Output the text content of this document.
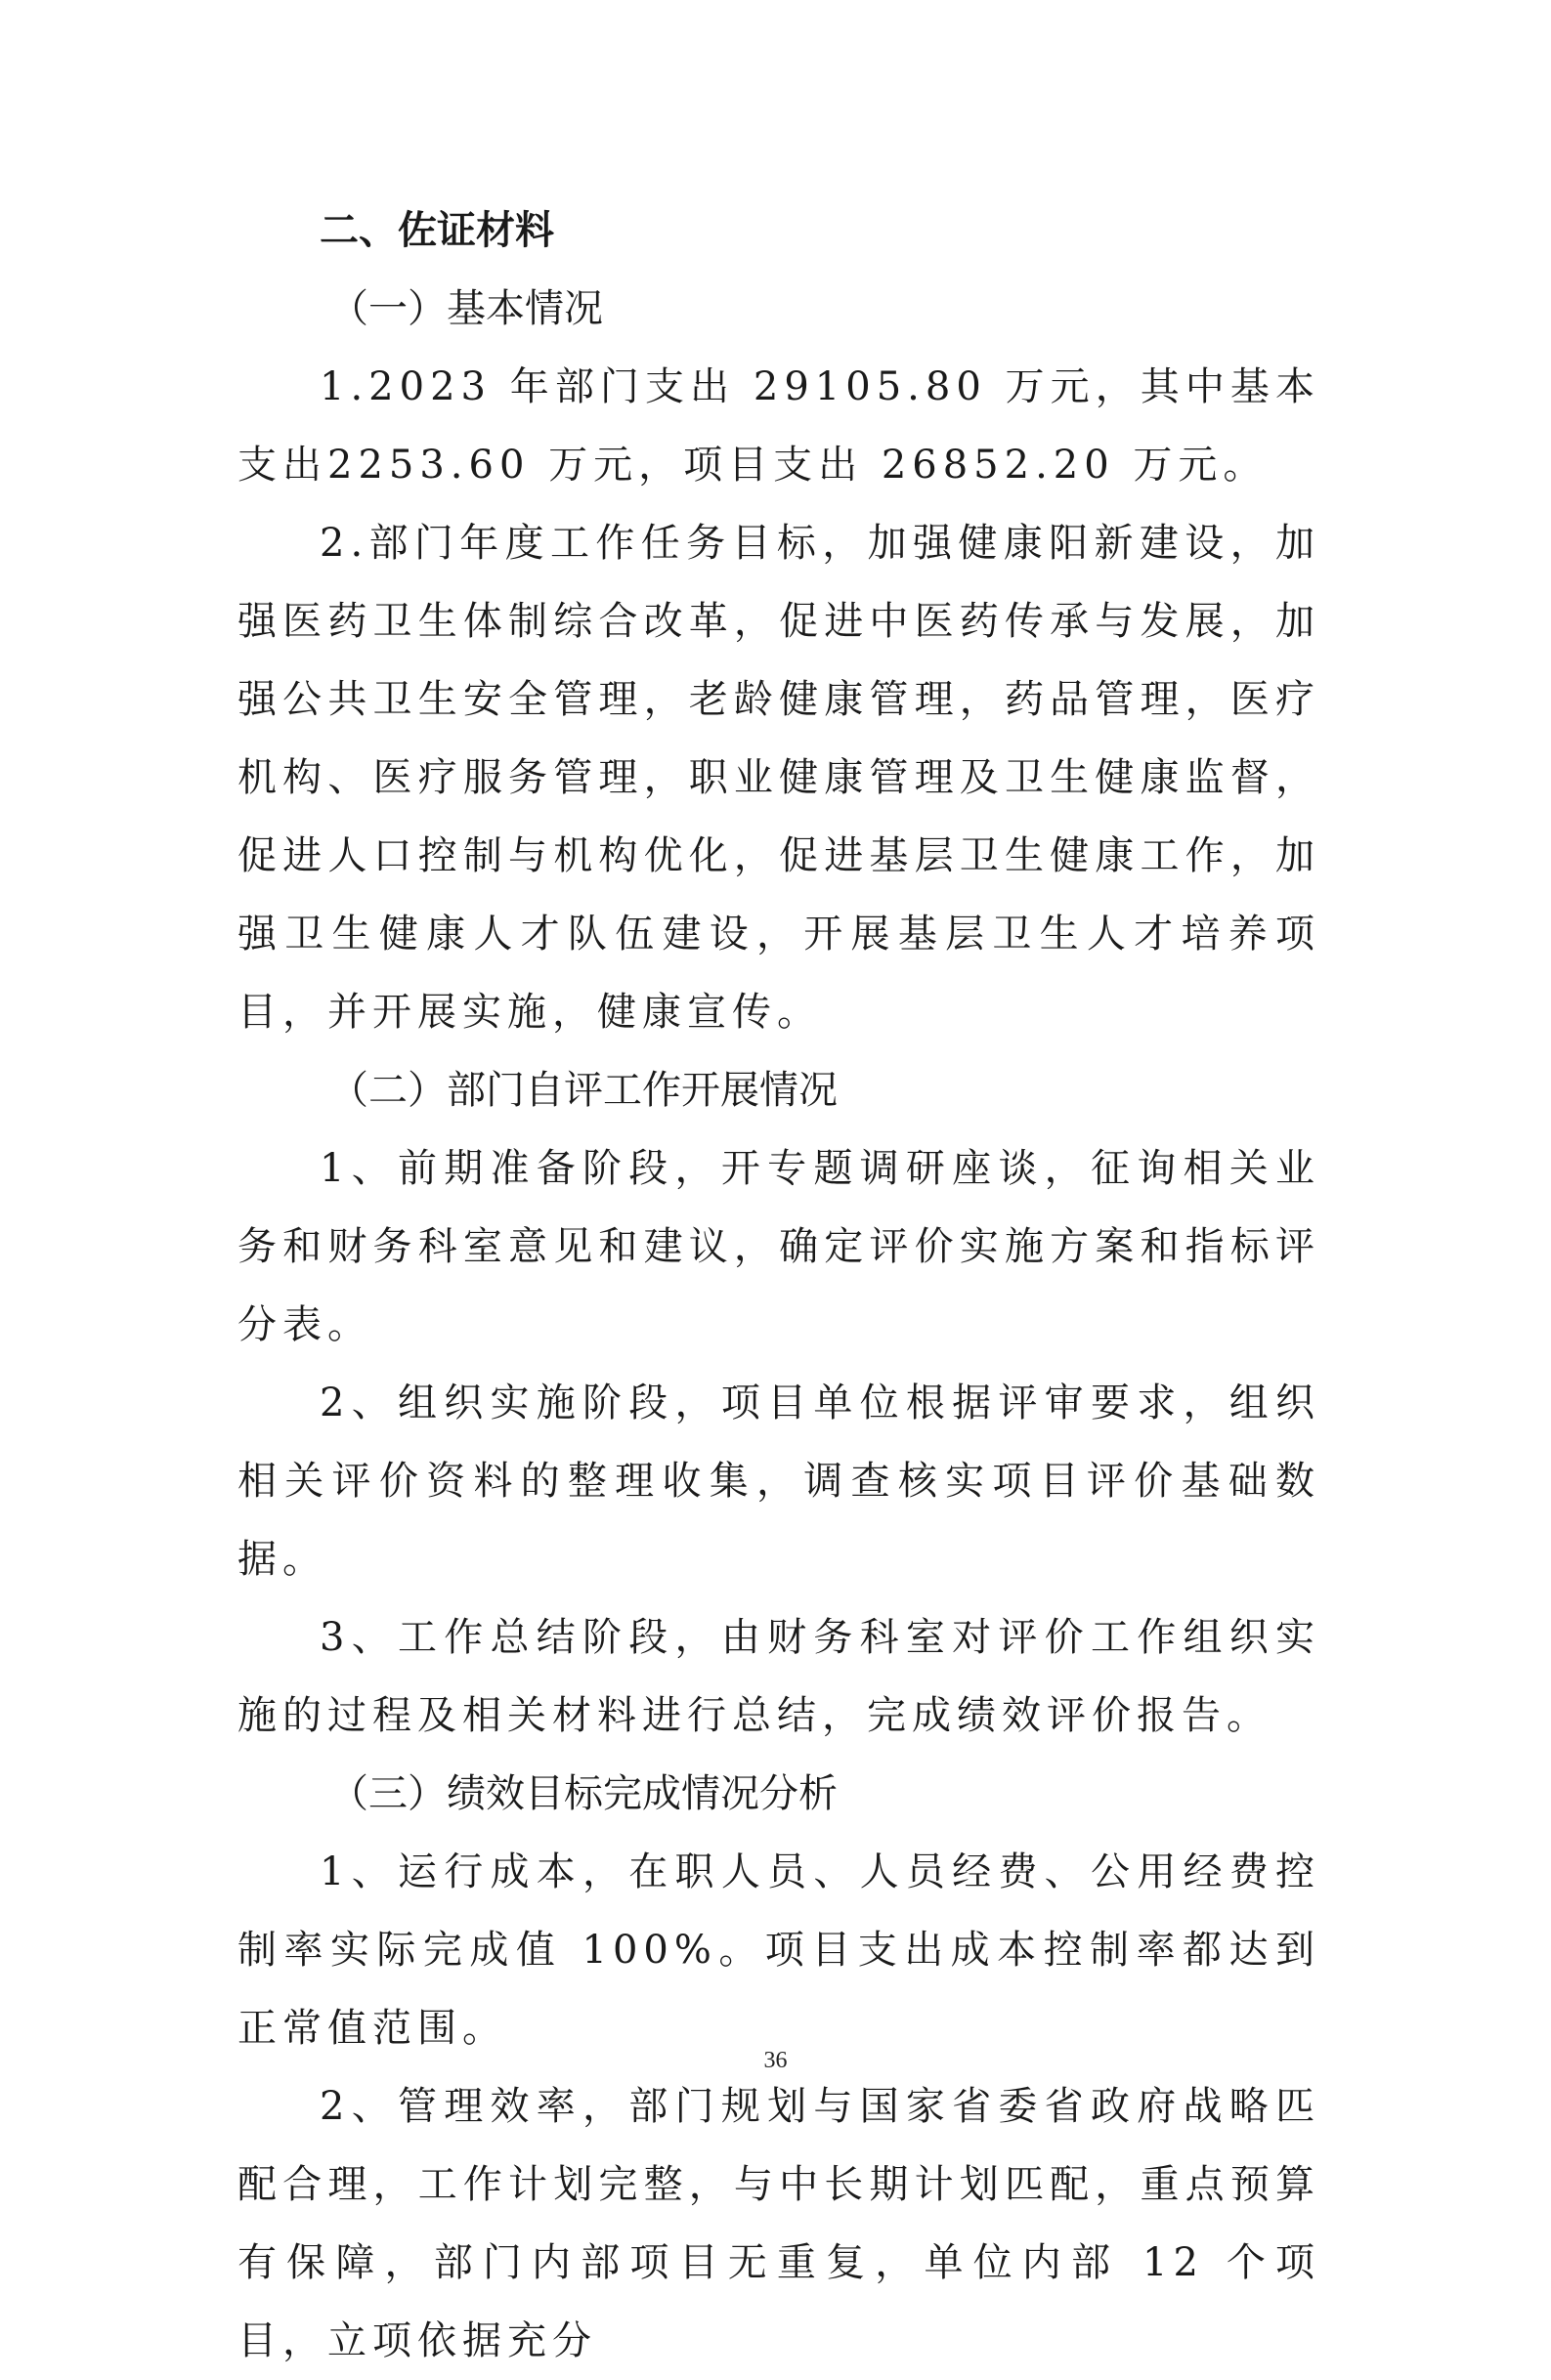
二、佐证材料

（一）基本情况

1.2023 年部门支出 29105.80 万元，其中基本支出2253.60 万元，项目支出 26852.20 万元。

2.部门年度工作任务目标，加强健康阳新建设，加强医药卫生体制综合改革，促进中医药传承与发展，加强公共卫生安全管理，老龄健康管理，药品管理，医疗机构、医疗服务管理，职业健康管理及卫生健康监督，促进人口控制与机构优化，促进基层卫生健康工作，加强卫生健康人才队伍建设，开展基层卫生人才培养项目，并开展实施，健康宣传。

（二）部门自评工作开展情况

1、前期准备阶段，开专题调研座谈，征询相关业务和财务科室意见和建议，确定评价实施方案和指标评分表。

2、组织实施阶段，项目单位根据评审要求，组织相关评价资料的整理收集，调查核实项目评价基础数据。

3、工作总结阶段，由财务科室对评价工作组织实施的过程及相关材料进行总结，完成绩效评价报告。

（三）绩效目标完成情况分析

1、运行成本，在职人员、人员经费、公用经费控制率实际完成值 100%。项目支出成本控制率都达到正常值范围。

2、管理效率，部门规划与国家省委省政府战略匹配合理，工作计划完整，与中长期计划匹配，重点预算有保障，部门内部项目无重复，单位内部 12 个项目，立项依据充分

36
